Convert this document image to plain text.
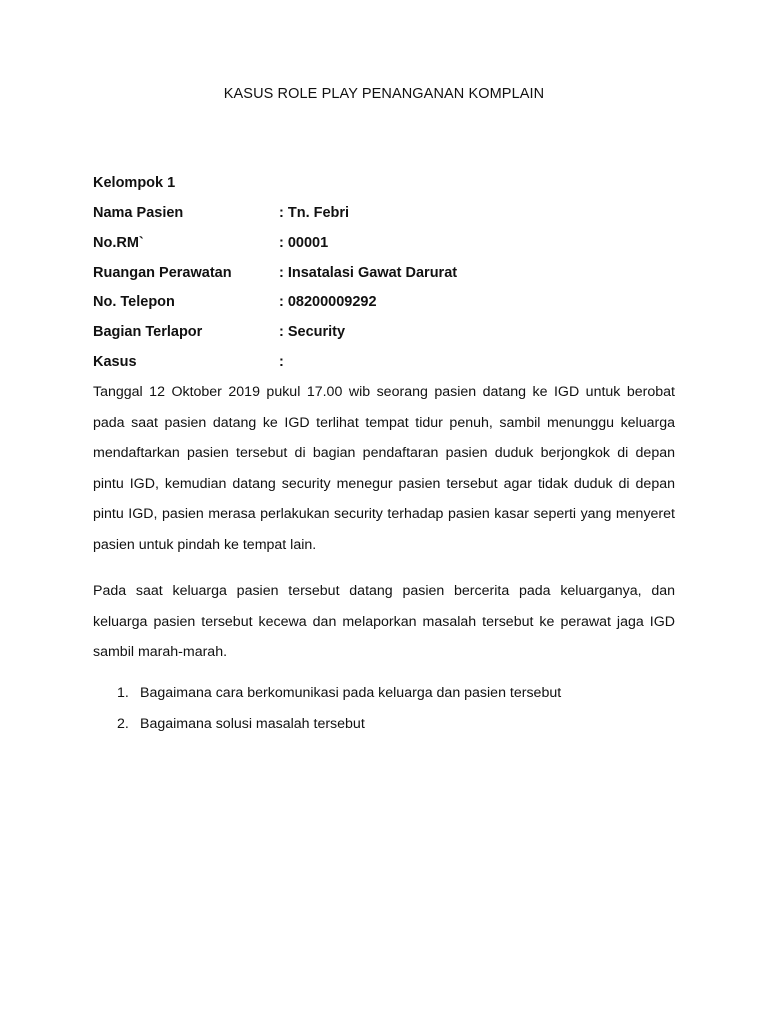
KASUS ROLE PLAY PENANGANAN KOMPLAIN
Kelompok 1
Nama Pasien	: Tn. Febri
No.RM`	: 00001
Ruangan Perawatan	: Insatalasi Gawat Darurat
No. Telepon	: 08200009292
Bagian Terlapor	: Security
Kasus	:
Tanggal 12 Oktober 2019 pukul 17.00 wib seorang pasien datang ke IGD untuk berobat
pada saat pasien datang ke IGD terlihat tempat tidur penuh, sambil menunggu keluarga
mendaftarkan pasien tersebut di bagian pendaftaran pasien duduk berjongkok di depan
pintu IGD, kemudian datang security menegur pasien tersebut agar tidak duduk di depan
pintu IGD, pasien merasa perlakukan security terhadap pasien kasar seperti yang menyeret
pasien untuk pindah ke tempat lain.
Pada saat keluarga pasien tersebut datang pasien bercerita pada keluarganya, dan
keluarga pasien tersebut kecewa dan melaporkan masalah tersebut ke perawat jaga IGD
sambil marah-marah.
1. Bagaimana cara berkomunikasi pada keluarga dan pasien tersebut
2. Bagaimana solusi masalah tersebut
